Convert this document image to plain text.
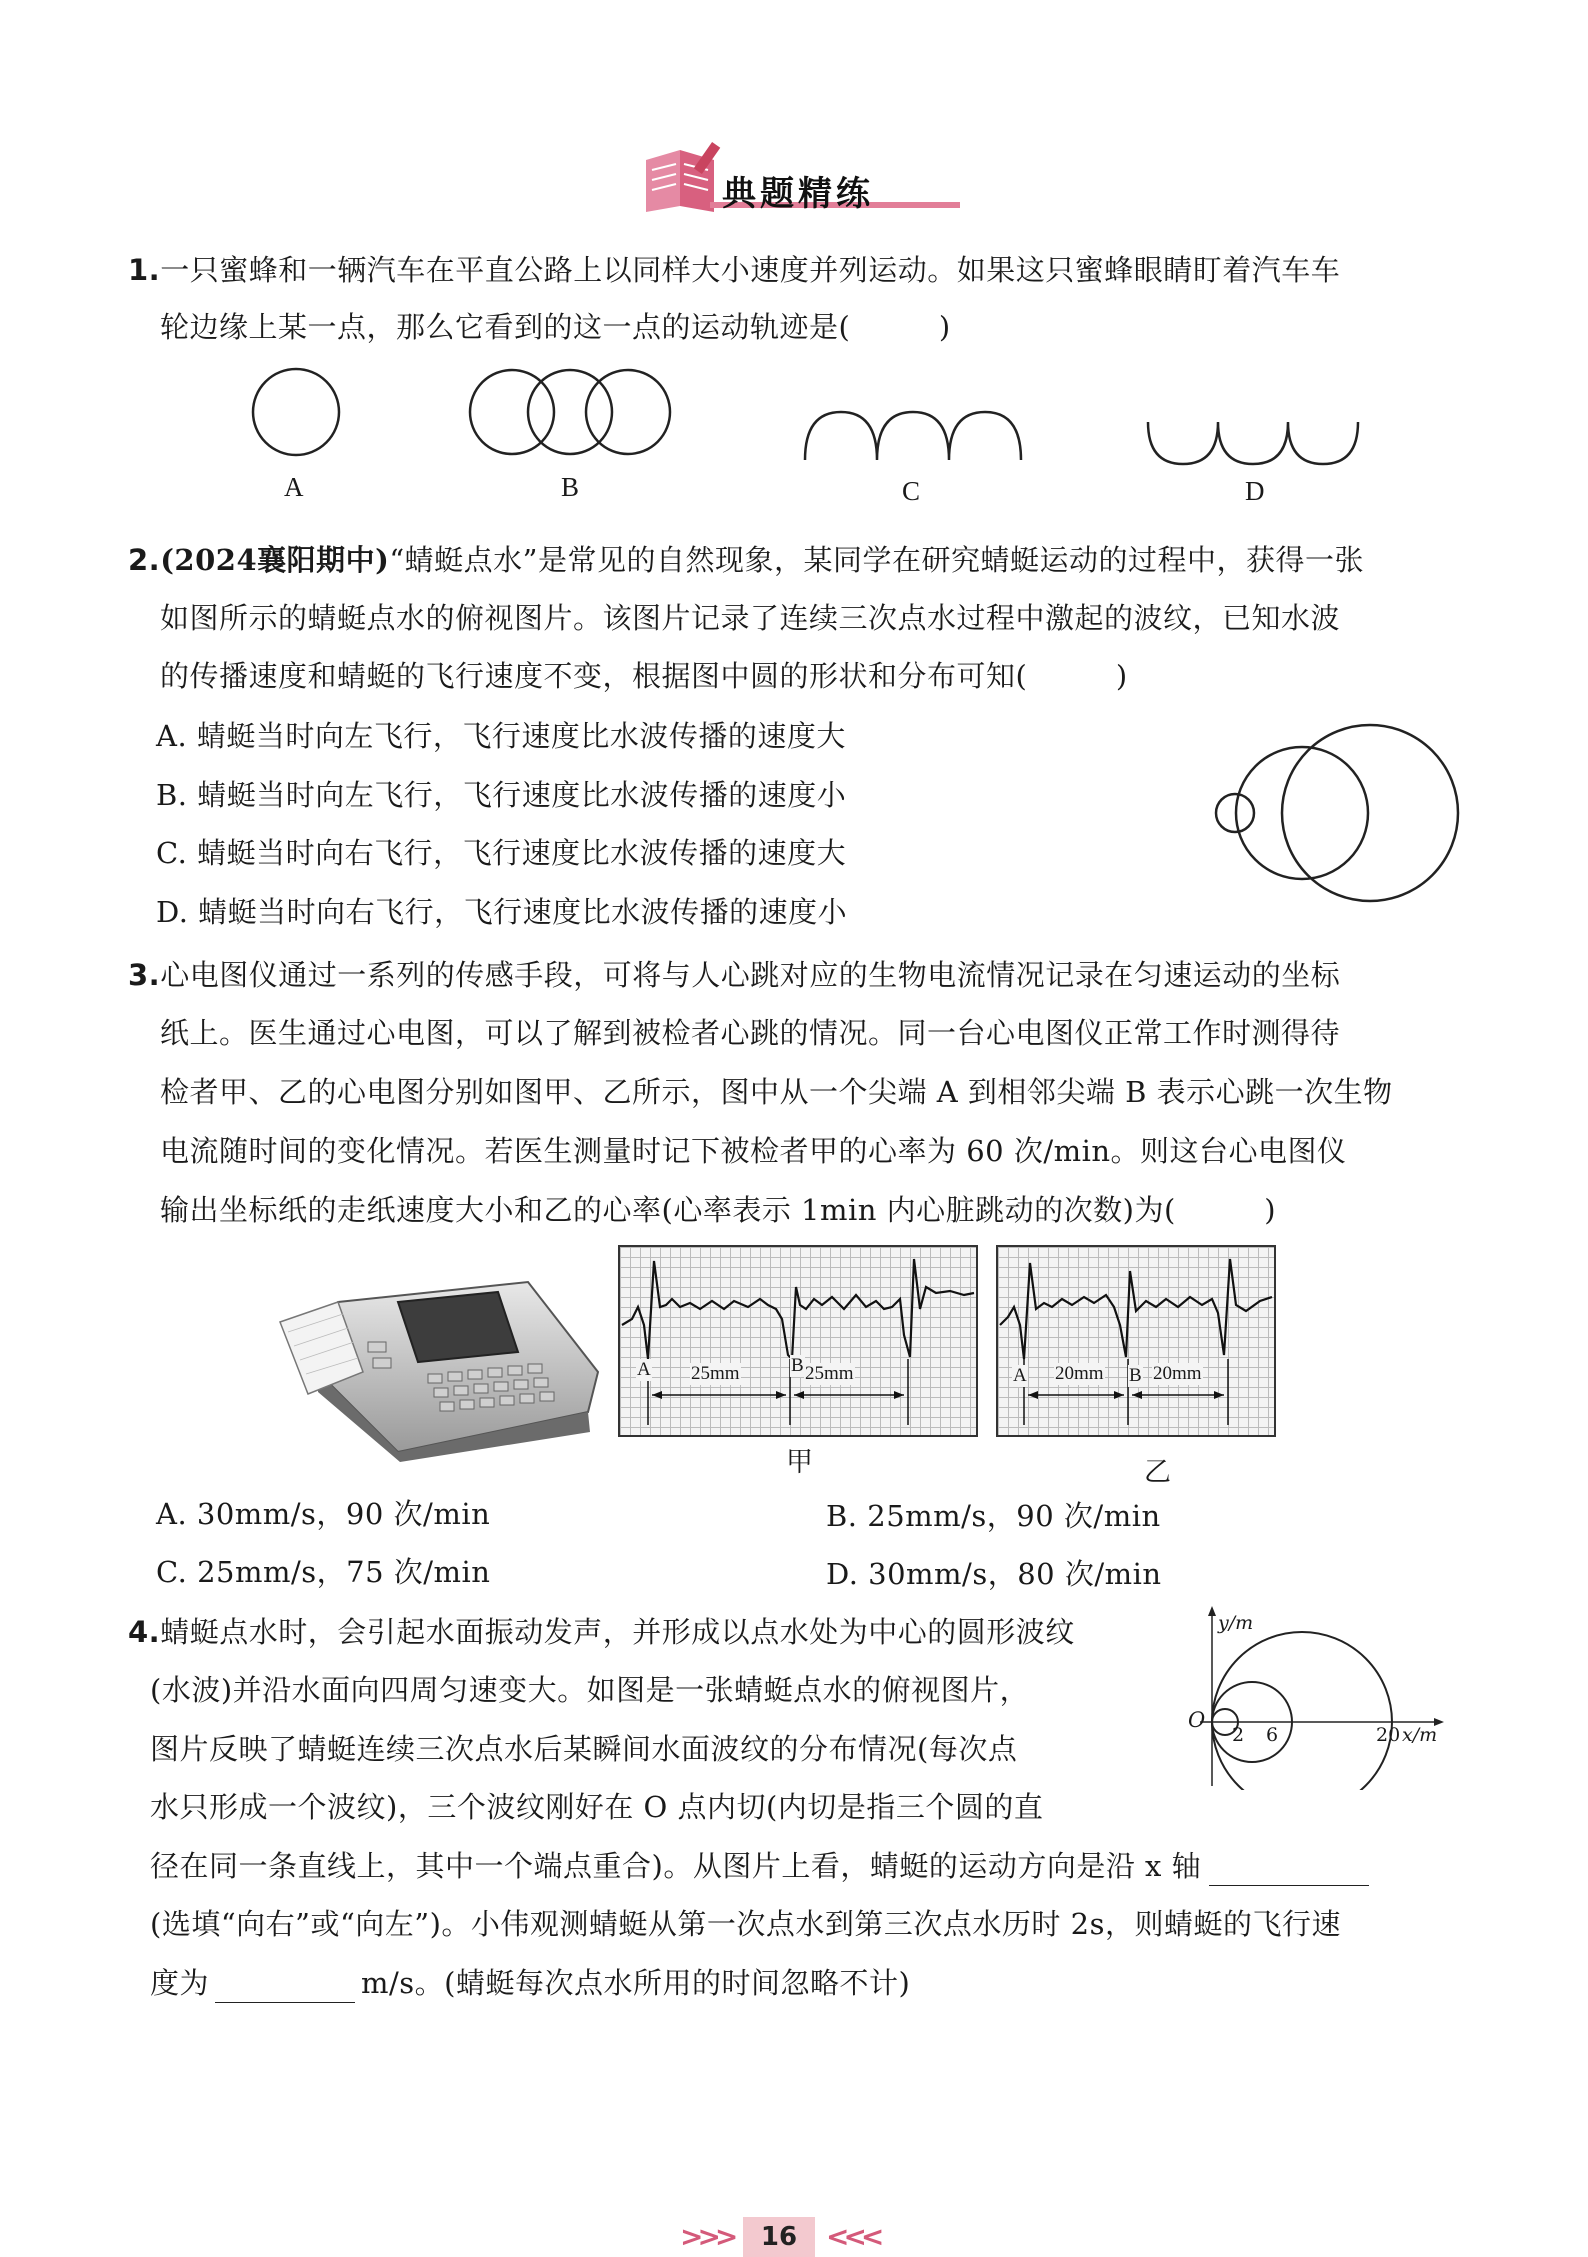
典题精练
1.一只蜜蜂和一辆汽车在平直公路上以同样大小速度并列运动。如果这只蜜蜂眼睛盯着汽车车
轮边缘上某一点，那么它看到的这一点的运动轨迹是(　　　)
A	B	C	D
2.(2024襄阳期中)“蜻蜓点水”是常见的自然现象，某同学在研究蜻蜓运动的过程中，获得一张
如图所示的蜻蜓点水的俯视图片。该图片记录了连续三次点水过程中激起的波纹，已知水波
的传播速度和蜻蜓的飞行速度不变，根据图中圆的形状和分布可知(　　　)
A. 蜻蜓当时向左飞行，飞行速度比水波传播的速度大
B. 蜻蜓当时向左飞行，飞行速度比水波传播的速度小
C. 蜻蜓当时向右飞行，飞行速度比水波传播的速度大
D. 蜻蜓当时向右飞行，飞行速度比水波传播的速度小
3.心电图仪通过一系列的传感手段，可将与人心跳对应的生物电流情况记录在匀速运动的坐标
纸上。医生通过心电图，可以了解到被检者心跳的情况。同一台心电图仪正常工作时测得待
检者甲、乙的心电图分别如图甲、乙所示，图中从一个尖端 A 到相邻尖端 B 表示心跳一次生物
电流随时间的变化情况。若医生测量时记下被检者甲的心率为 60 次/min。则这台心电图仪
输出坐标纸的走纸速度大小和乙的心率(心率表示 1min 内心脏跳动的次数)为(　　　)
A	B
25mm	25mm
甲
A	B
20mm	20mm
乙
A. 30mm/s，90 次/min	B. 25mm/s，90 次/min
C. 25mm/s，75 次/min	D. 30mm/s，80 次/min
4.蜻蜓点水时，会引起水面振动发声，并形成以点水处为中心的圆形波纹
(水波)并沿水面向四周匀速变大。如图是一张蜻蜓点水的俯视图片，
图片反映了蜻蜓连续三次点水后某瞬间水面波纹的分布情况(每次点
水只形成一个波纹)，三个波纹刚好在 O 点内切(内切是指三个圆的直
径在同一条直线上，其中一个端点重合)。从图片上看，蜻蜓的运动方向是沿 x 轴
(选填“向右”或“向左”)。小伟观测蜻蜓从第一次点水到第三次点水历时 2s，则蜻蜓的飞行速
度为	m/s。(蜻蜓每次点水所用的时间忽略不计)
y/m
O
2 6	20 x/m
>>>	16	<<<
